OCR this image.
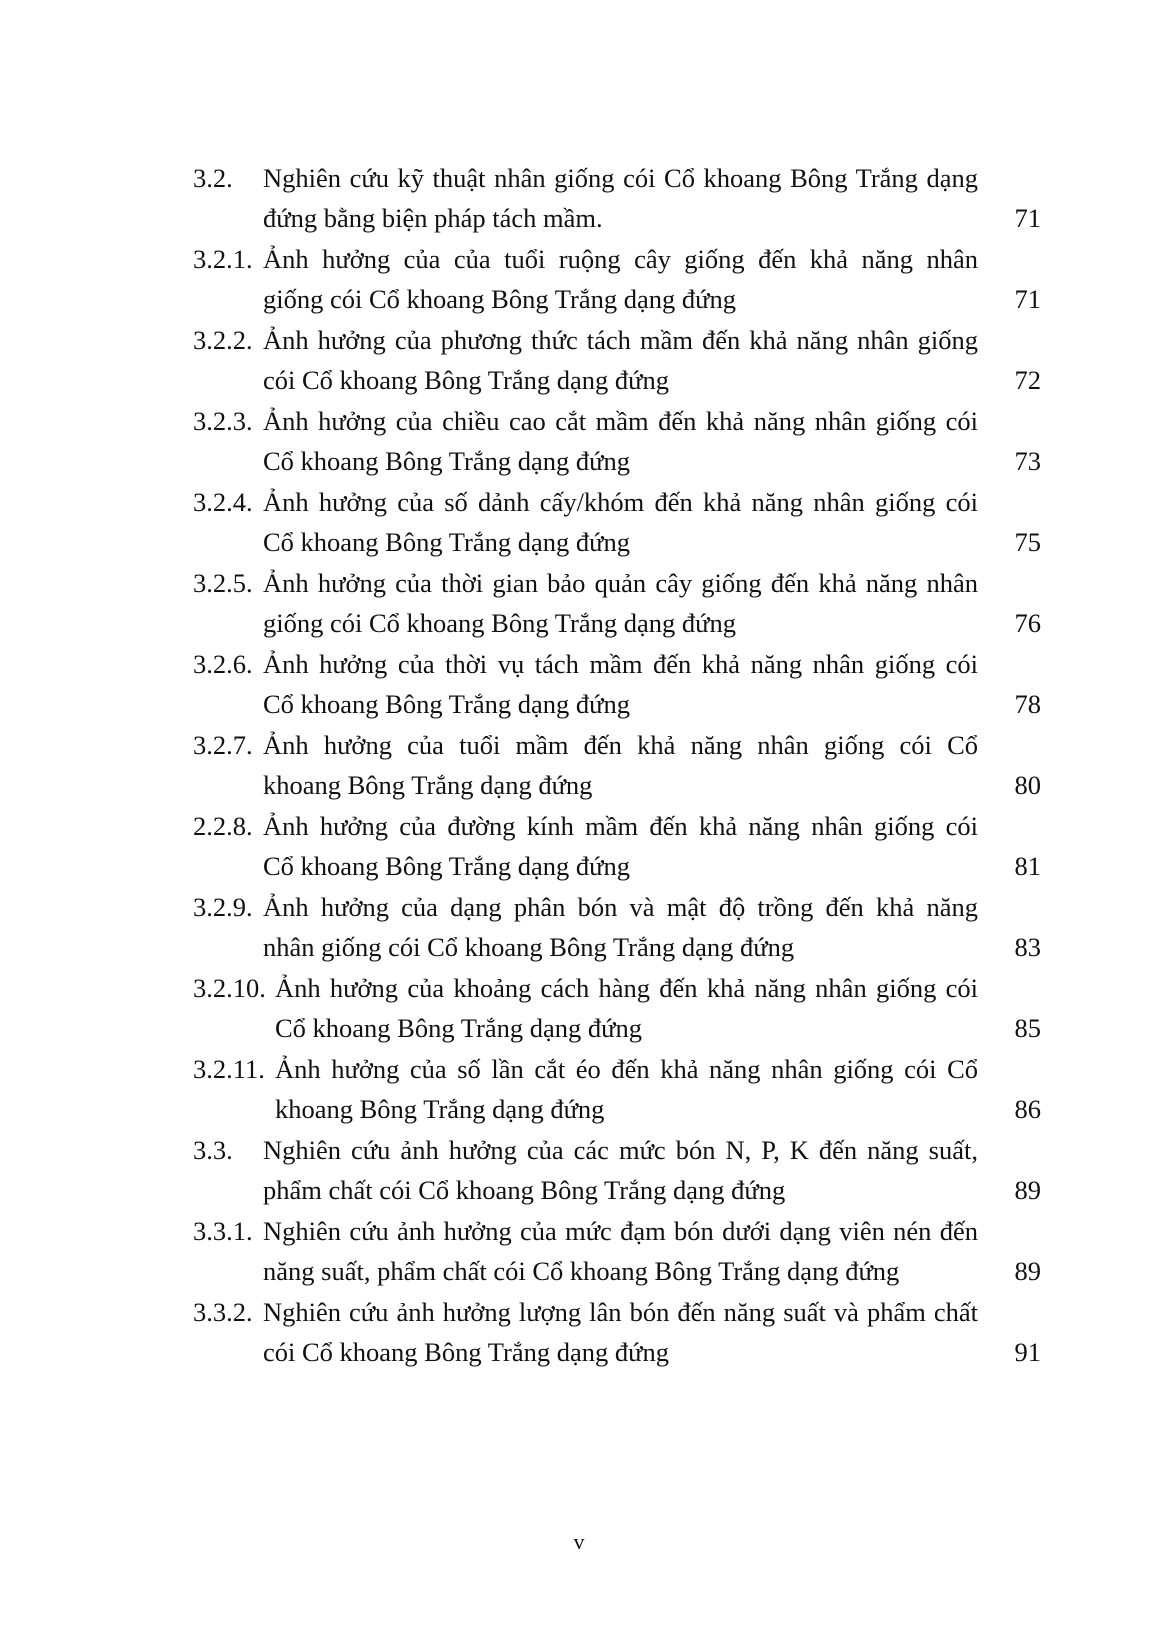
3.2. Nghiên cứu kỹ thuật nhân giống cói Cổ khoang Bông Trắng dạng
đứng bằng biện pháp tách mầm.	71
3.2.1. Ảnh hưởng của của tuổi ruộng cây giống đến khả năng nhân
giống cói Cổ khoang Bông Trắng dạng đứng	71
3.2.2. Ảnh hưởng của phương thức tách mầm đến khả năng nhân giống
cói Cổ khoang Bông Trắng dạng đứng	72
3.2.3. Ảnh hưởng của chiều cao cắt mầm đến khả năng nhân giống cói
Cổ khoang Bông Trắng dạng đứng	73
3.2.4. Ảnh hưởng của số dảnh cấy/khóm đến khả năng nhân giống cói
Cổ khoang Bông Trắng dạng đứng	75
3.2.5. Ảnh hưởng của thời gian bảo quản cây giống đến khả năng nhân
giống cói Cổ khoang Bông Trắng dạng đứng	76
3.2.6. Ảnh hưởng của thời vụ tách mầm đến khả năng nhân giống cói
Cổ khoang Bông Trắng dạng đứng	78
3.2.7. Ảnh hưởng của tuổi mầm đến khả năng nhân giống cói Cổ
khoang Bông Trắng dạng đứng	80
2.2.8. Ảnh hưởng của đường kính mầm đến khả năng nhân giống cói
Cổ khoang Bông Trắng dạng đứng	81
3.2.9. Ảnh hưởng của dạng phân bón và mật độ trồng đến khả năng
nhân giống cói Cổ khoang Bông Trắng dạng đứng	83
3.2.10. Ảnh hưởng của khoảng cách hàng đến khả năng nhân giống cói
Cổ khoang Bông Trắng dạng đứng	85
3.2.11. Ảnh hưởng của số lần cắt éo đến khả năng nhân giống cói Cổ
khoang Bông Trắng dạng đứng	86
3.3. Nghiên cứu ảnh hưởng của các mức bón N, P, K đến năng suất,
phẩm chất cói Cổ khoang Bông Trắng dạng đứng	89
3.3.1. Nghiên cứu ảnh hưởng của mức đạm bón dưới dạng viên nén đến
năng suất, phẩm chất cói Cổ khoang Bông Trắng dạng đứng	89
3.3.2. Nghiên cứu ảnh hưởng lượng lân bón đến năng suất và phẩm chất
cói Cổ khoang Bông Trắng dạng đứng	91
v
